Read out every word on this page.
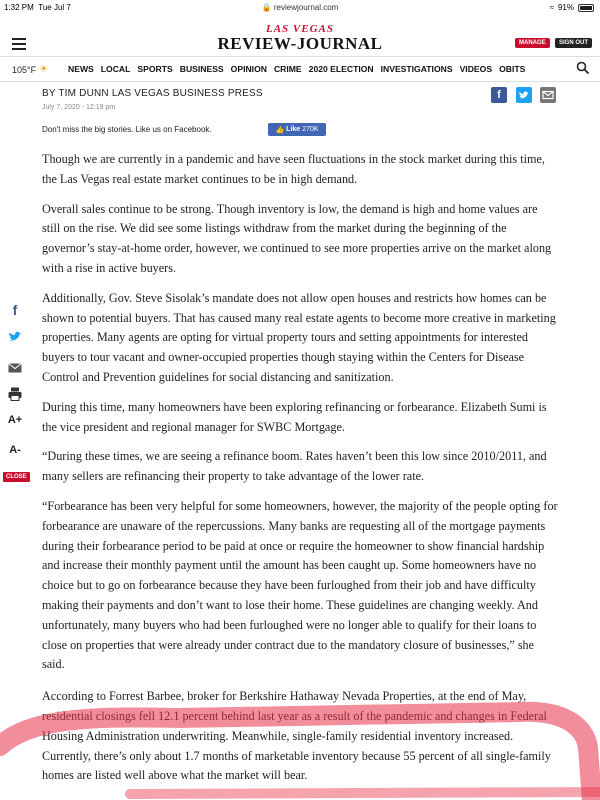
1:32 PM Tue Jul 7	🔒 reviewjournal.com	≈ 91%
LAS VEGAS
REVIEW-JOURNAL	MANAGE	SIGN OUT
105°F ☀ NEWS LOCAL SPORTS BUSINESS OPINION CRIME 2020 ELECTION INVESTIGATIONS VIDEOS OBITS
BY TIM DUNN LAS VEGAS BUSINESS PRESS
July 7, 2020 - 12:19 pm
f
Don't miss the big stories. Like us on Facebook.	👍 Like 270K
f
A+
A-
CLOSE

Though we are currently in a pandemic and have seen fluctuations in the stock market during this time, the Las Vegas real estate market continues to be in high demand.

Overall sales continue to be strong. Though inventory is low, the demand is high and home values are still on the rise. We did see some listings withdraw from the market during the beginning of the governor’s stay-at-home order, however, we continued to see more properties arrive on the market along with a rise in active buyers.

Additionally, Gov. Steve Sisolak’s mandate does not allow open houses and restricts how homes can be shown to potential buyers. That has caused many real estate agents to become more creative in marketing properties. Many agents are opting for virtual property tours and setting appointments for interested buyers to tour vacant and owner-occupied properties though staying within the Centers for Disease Control and Prevention guidelines for social distancing and sanitization.

During this time, many homeowners have been exploring refinancing or forbearance. Elizabeth Sumi is the vice president and regional manager for SWBC Mortgage.

“During these times, we are seeing a refinance boom. Rates haven’t been this low since 2010/2011, and many sellers are refinancing their property to take advantage of the lower rate.

“Forbearance has been very helpful for some homeowners, however, the majority of the people opting for forbearance are unaware of the repercussions. Many banks are requesting all of the mortgage payments during their forbearance period to be paid at once or require the homeowner to show financial hardship and increase their monthly payment until the amount has been caught up. Some homeowners have no choice but to go on forbearance because they have been furloughed from their job and have difficulty making their payments and don’t want to lose their home. These guidelines are changing weekly. And unfortunately, many buyers who had been furloughed were no longer able to qualify for their loans to close on properties that were already under contract due to the mandatory closure of businesses,” she said.

According to Forrest Barbee, broker for Berkshire Hathaway Nevada Properties, at the end of May, residential closings fell 12.1 percent behind last year as a result of the pandemic and changes in Federal Housing Administration underwriting. Meanwhile, single-family residential inventory increased. Currently, there’s only about 1.7 months of marketable inventory because 55 percent of all single-family homes are listed well above what the market will bear.
